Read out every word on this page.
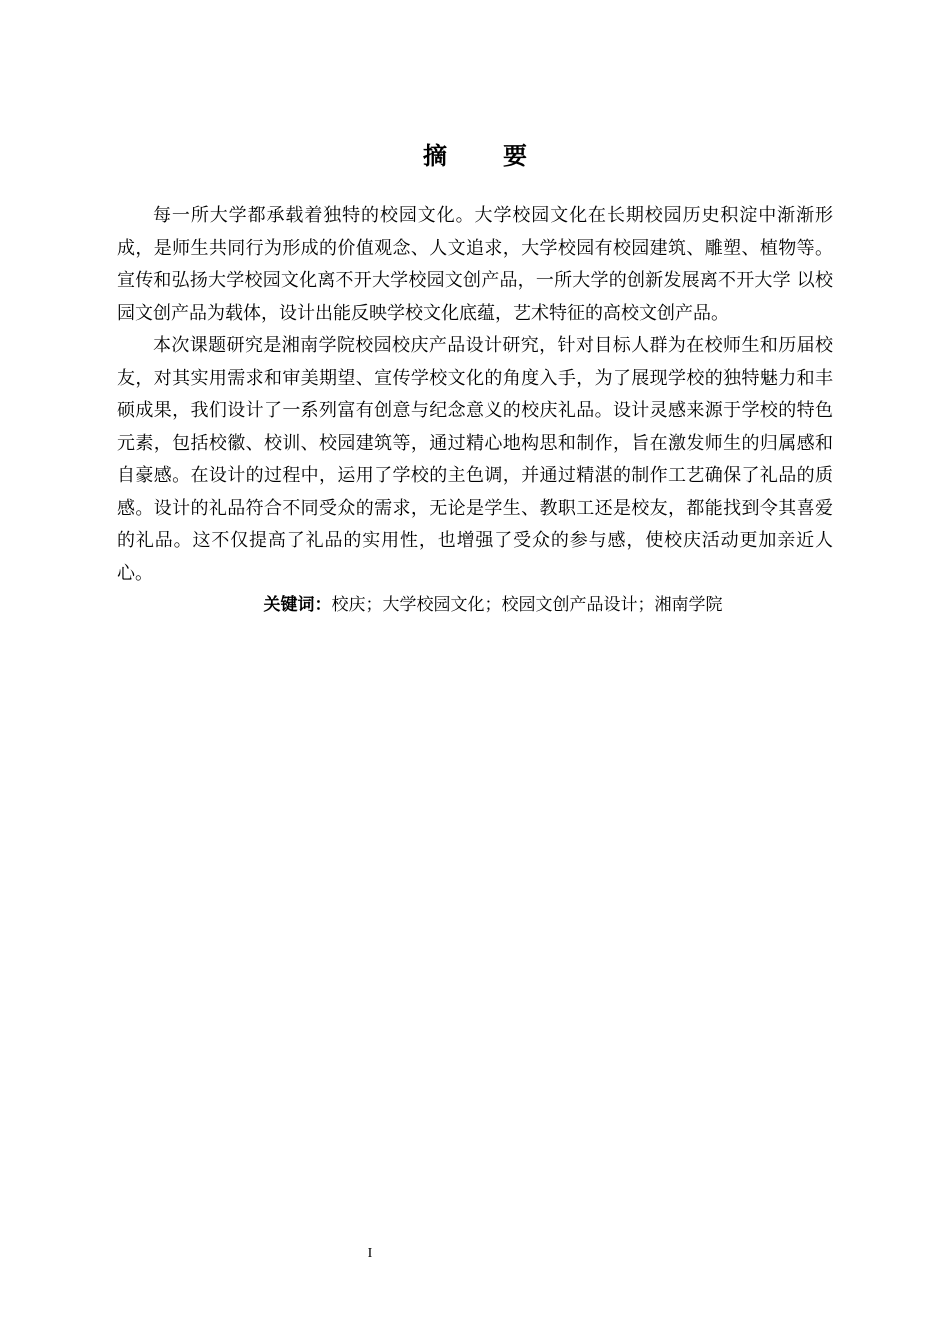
摘 要

每一所大学都承载着独特的校园文化。大学校园文化在长期校园历史积淀中渐渐形成，是师生共同行为形成的价值观念、人文追求，大学校园有校园建筑、雕塑、植物等。宣传和弘扬大学校园文化离不开大学校园文创产品，一所大学的创新发展离不开大学 以校园文创产品为载体，设计出能反映学校文化底蕴，艺术特征的高校文创产品。

本次课题研究是湘南学院校园校庆产品设计研究，针对目标人群为在校师生和历届校友，对其实用需求和审美期望、宣传学校文化的角度入手，为了展现学校的独特魅力和丰硕成果，我们设计了一系列富有创意与纪念意义的校庆礼品。设计灵感来源于学校的特色元素，包括校徽、校训、校园建筑等，通过精心地构思和制作，旨在激发师生的归属感和自豪感。在设计的过程中，运用了学校的主色调，并通过精湛的制作工艺确保了礼品的质感。设计的礼品符合不同受众的需求，无论是学生、教职工还是校友，都能找到令其喜爱的礼品。这不仅提高了礼品的实用性，也增强了受众的参与感，使校庆活动更加亲近人心。

关键词：校庆；大学校园文化；校园文创产品设计；湘南学院

I
